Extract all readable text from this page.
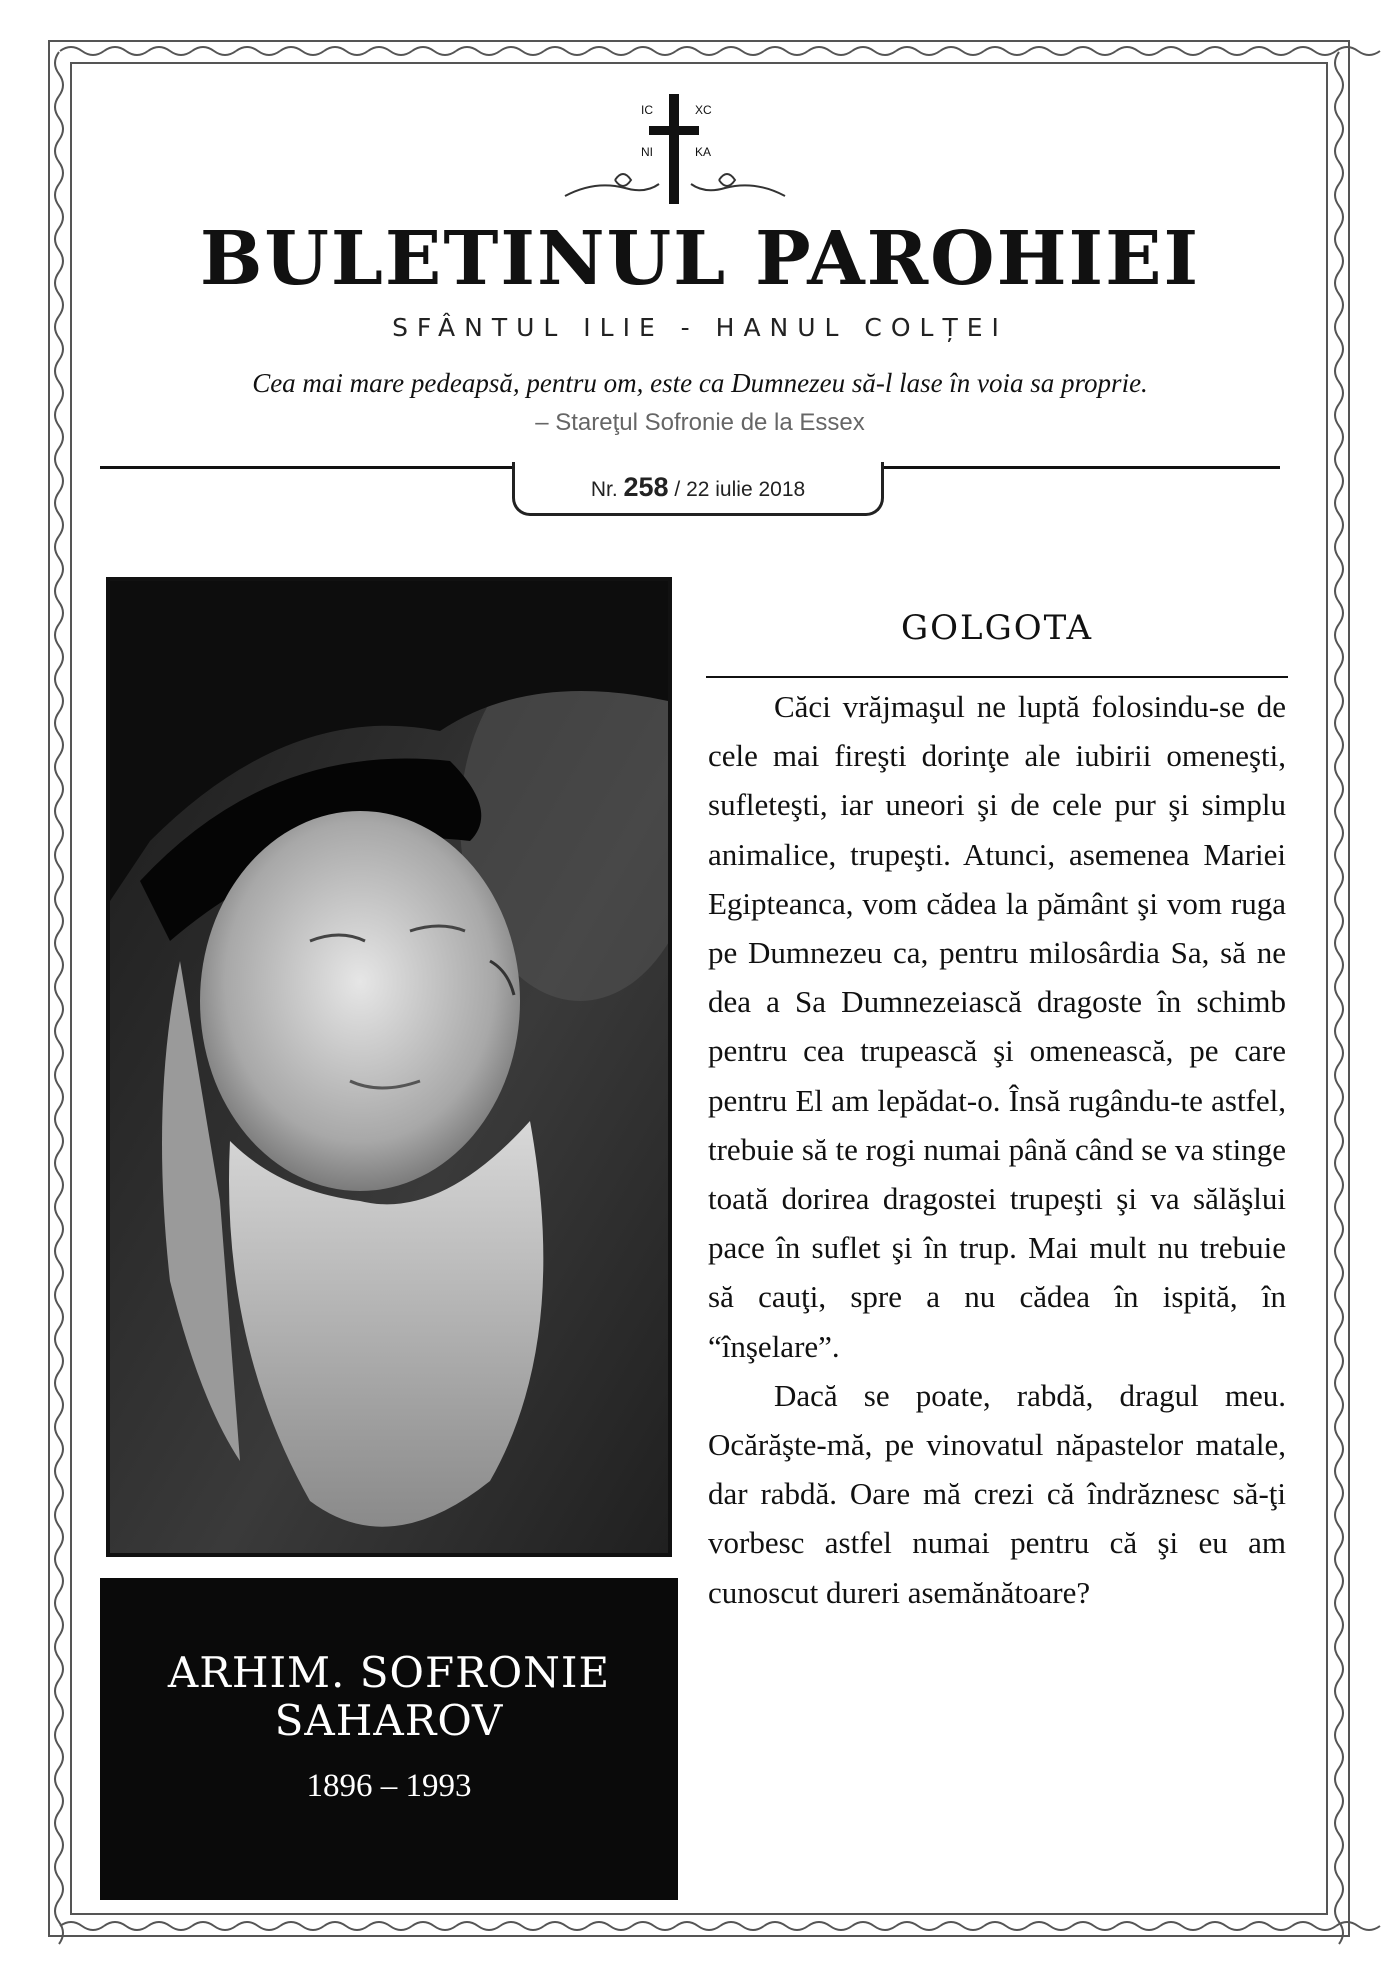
IC	XC
NI	KA
BULETINUL PAROHIEI
SFÂNTUL ILIE - HANUL COLȚEI
Cea mai mare pedeapsă, pentru om, este ca Dumnezeu să-l lase în voia sa proprie.
– Stareţul Sofronie de la Essex
Nr. 258 / 22 iulie 2018
ARHIM. SOFRONIE
SAHAROV
1896 – 1993
GOLGOTA

Căci vrăjmaşul ne luptă folosindu-se de cele mai fireşti dorinţe ale iubirii omeneşti, sufleteşti, iar uneori şi de cele pur şi simplu animalice, trupeşti. Atunci, asemenea Mariei Egipteanca, vom cădea la pământ şi vom ruga pe Dumnezeu ca, pentru milosârdia Sa, să ne dea a Sa Dumnezeiască dragoste în schimb pentru cea trupească şi omenească, pe care pentru El am lepădat-o. Însă rugându-te astfel, trebuie să te rogi numai până când se va stinge toată dorirea dragostei trupeşti şi va sălăşlui pace în suflet şi în trup. Mai mult nu trebuie să cauţi, spre a nu cădea în ispită, în “înşelare”.

Dacă se poate, rabdă, dragul meu. Ocărăşte-mă, pe vinovatul năpastelor matale, dar rabdă. Oare mă crezi că îndrăznesc să-ţi vorbesc astfel numai pentru că şi eu am cunoscut dureri asemănătoare?
